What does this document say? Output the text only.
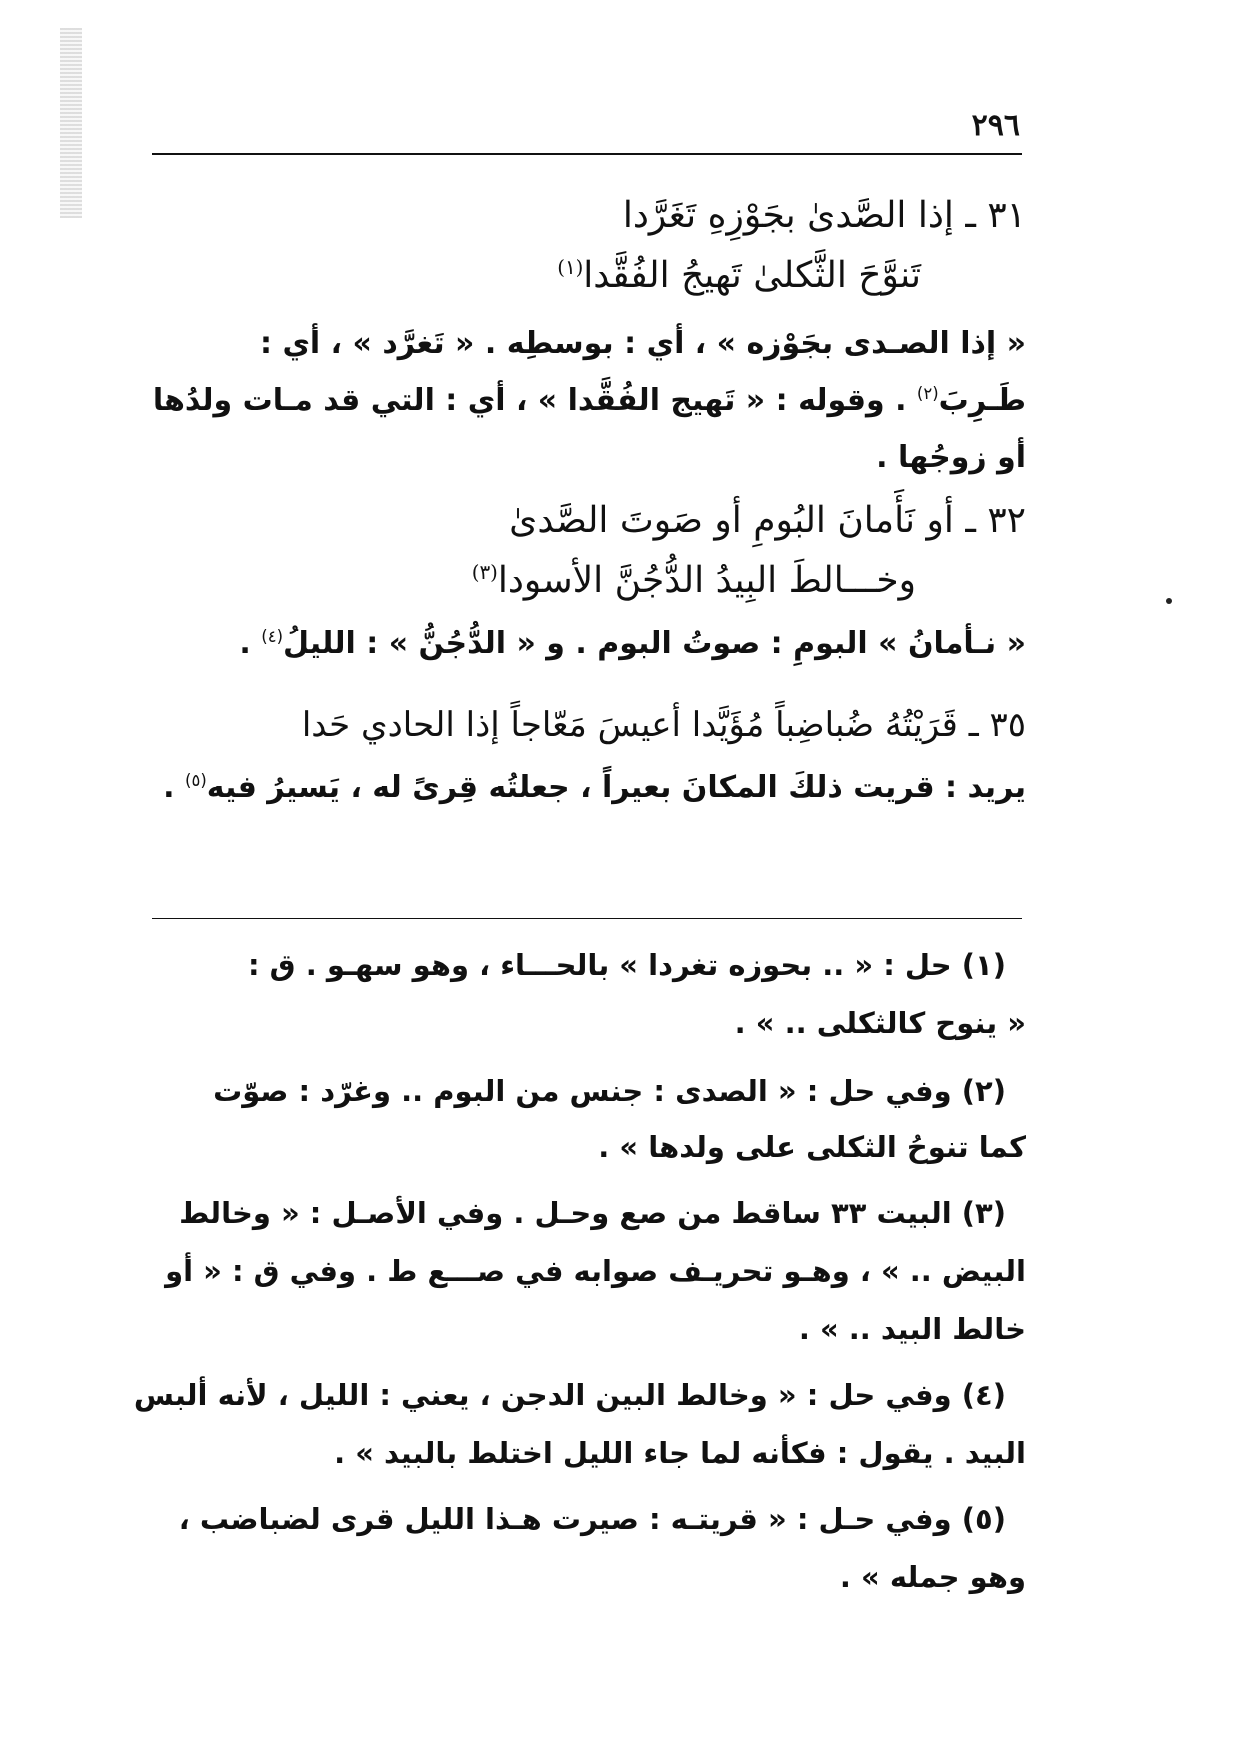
٢٩٦
٣١ ـ إذا الصَّدىٰ بجَوْزِهِ تَغَرَّدا
تَنوَّحَ الثَّكلىٰ تَهيجُ الفُقَّدا$^{(١)}$
« إذا الصـدى بجَوْزه » ، أي : بوسطِه . « تَغرَّد » ، أي :
طَـرِبَ$^{(٢)}$ . وقوله : « تَهيج الفُقَّدا » ، أي : التي قد مـات ولدُها
أو زوجُها .
٣٢ ـ أو نَأَمانَ البُومِ أو صَوتَ الصَّدىٰ
وخـــالطَ البِيدُ الدُّجُنَّ الأسودا$^{(٣)}$
« نـأمانُ » البومِ : صوتُ البوم . و « الدُّجُنُّ » : الليلُ$^{(٤)}$ .
٣٥ ـ قَرَيْتُهُ ضُباضِباً مُؤَيَّدا أعيسَ مَعّاجاً إذا الحادي حَدا
يريد : قريت ذلكَ المكانَ بعيراً ، جعلتُه قِرىً له ، يَسيرُ فيه$^{(٥)}$ .
(١) حل : « .. بحوزه تغردا » بالحـــاء ، وهو سهـو . ق :
« ينوح كالثكلى .. » .
(٢) وفي حل : « الصدى : جنس من البوم .. وغرّد : صوّت
كما تنوحُ الثكلى على ولدها » .
(٣) البيت ٣٣ ساقط من صع وحـل . وفي الأصـل : « وخالط
البيض .. » ، وهـو تحريـف صوابه في صـــع ط . وفي ق : « أو
خالط البيد .. » .
(٤) وفي حل : « وخالط البين الدجن ، يعني : الليل ، لأنه ألبس
البيد . يقول : فكأنه لما جاء الليل اختلط بالبيد » .
(٥) وفي حـل : « قريتـه : صيرت هـذا الليل قرى لضباضب ،
وهو جمله » .
